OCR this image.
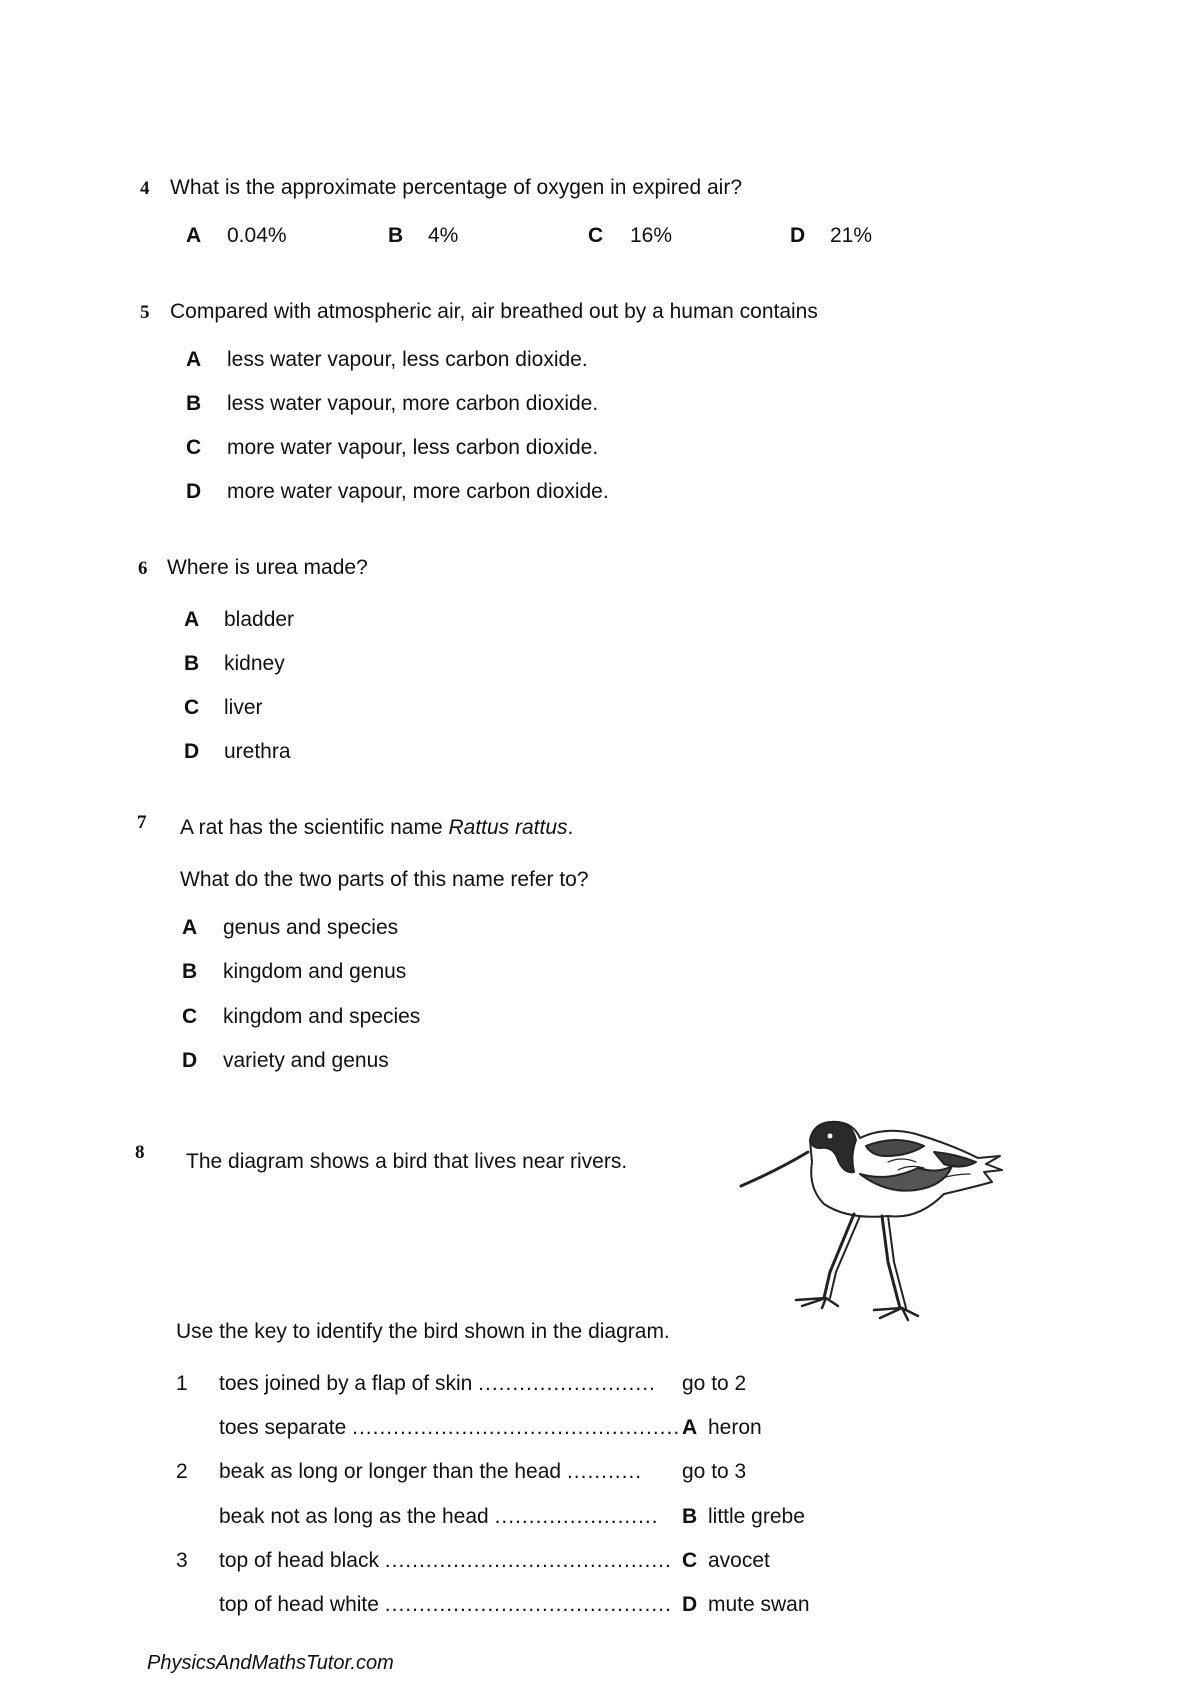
4 What is the approximate percentage of oxygen in expired air?
A 0.04%	B 4%	C 16%	D 21%
5 Compared with atmospheric air, air breathed out by a human contains
A less water vapour, less carbon dioxide.
B less water vapour, more carbon dioxide.
C more water vapour, less carbon dioxide.
D more water vapour, more carbon dioxide.
6 Where is urea made?
A bladder
B kidney
C liver
D urethra
7 A rat has the scientific name Rattus rattus.
What do the two parts of this name refer to?
A genus and species
B kingdom and genus
C kingdom and species
D variety and genus
8 The diagram shows a bird that lives near rivers.
Use the key to identify the bird shown in the diagram.
1 toes joined by a flap of skin .......................... go to 2
toes separate ................................................ A heron
2 beak as long or longer than the head ........... go to 3
beak not as long as the head ........................ B little grebe
3 top of head black .......................................... C avocet
top of head white .......................................... D mute swan
PhysicsAndMathsTutor.com
